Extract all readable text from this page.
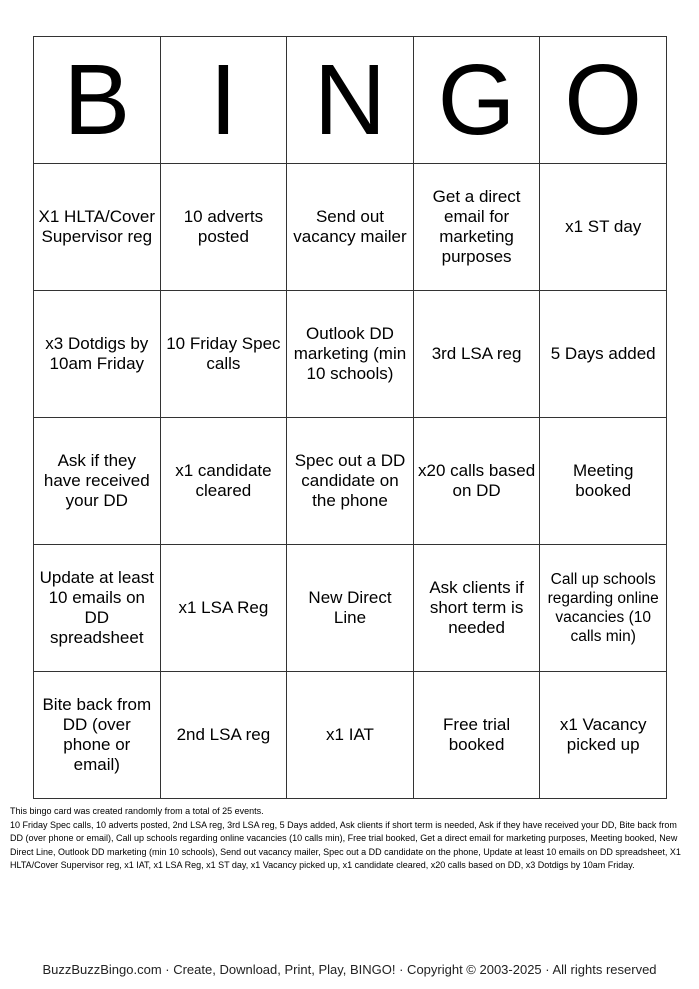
B	I	N	G	O
X1 HLTA/Cover Supervisor reg	10 adverts posted	Send out vacancy mailer	Get a direct email for marketing purposes	x1 ST day
x3 Dotdigs by 10am Friday	10 Friday Spec calls	Outlook DD marketing (min 10 schools)	3rd LSA reg	5 Days added
Ask if they have received your DD	x1 candidate cleared	Spec out a DD candidate on the phone	x20 calls based on DD	Meeting booked
Update at least 10 emails on DD spreadsheet	x1 LSA Reg	New Direct Line	Ask clients if short term is needed	Call up schools regarding online vacancies (10 calls min)
Bite back from DD (over phone or email)	2nd LSA reg	x1 IAT	Free trial booked	x1 Vacancy picked up

This bingo card was created randomly from a total of 25 events.

10 Friday Spec calls, 10 adverts posted, 2nd LSA reg, 3rd LSA reg, 5 Days added, Ask clients if short term is needed, Ask if they have received your DD, Bite back from DD (over phone or email), Call up schools regarding online vacancies (10 calls min), Free trial booked, Get a direct email for marketing purposes, Meeting booked, New Direct Line, Outlook DD marketing (min 10 schools), Send out vacancy mailer, Spec out a DD candidate on the phone, Update at least 10 emails on DD spreadsheet, X1 HLTA/Cover Supervisor reg, x1 IAT, x1 LSA Reg, x1 ST day, x1 Vacancy picked up, x1 candidate cleared, x20 calls based on DD, x3 Dotdigs by 10am Friday.

BuzzBuzzBingo.com · Create, Download, Print, Play, BINGO! · Copyright © 2003-2025 · All rights reserved
